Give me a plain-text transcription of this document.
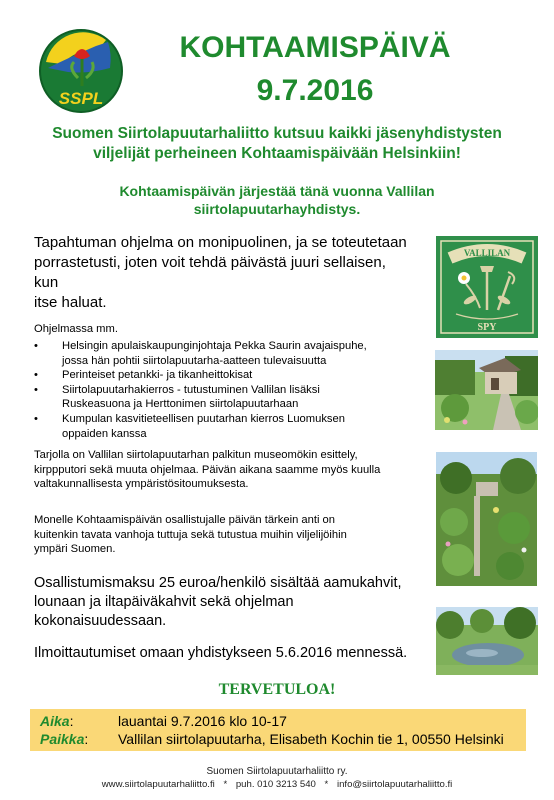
SSPL
KOHTAAMISPÄIVÄ
9.7.2016
Suomen Siirtolapuutarhaliitto kutsuu kaikki jäsenyhdistysten
viljelijät perheineen Kohtaamispäivään Helsinkiin!
Kohtaamispäivän järjestää tänä vuonna Vallilan
siirtolapuutarhayhdistys.
Tapahtuman ohjelma on monipuolinen, ja se toteutetaan
porrastetusti, joten voit tehdä päivästä juuri sellaisen, kun
itse haluat.
Ohjelmassa mm.
• Helsingin apulaiskaupunginjohtaja Pekka Saurin avajaispuhe,
jossa hän pohtii siirtolapuutarha-aatteen tulevaisuutta
• Perinteiset petankki- ja tikanheittokisat
• Siirtolapuutarhakierros - tutustuminen Vallilan lisäksi
Ruskeasuona ja Herttonimen siirtolapuutarhaan
• Kumpulan kasvitieteellisen puutarhan kierros Luomuksen
oppaiden kanssa
Tarjolla on Vallilan siirtolapuutarhan palkitun museomökin esittely,
kirppputori sekä muuta ohjelmaa. Päivän aikana saamme myös kuulla
valtakunnallisesta ympäristösitoumuksesta.
Monelle Kohtaamispäivän osallistujalle päivän tärkein anti on
kuitenkin tavata vanhoja tuttuja sekä tutustua muihin viljelijöihin
ympäri Suomen.
Osallistumismaksu 25 euroa/henkilö sisältää aamukahvit,
lounaan ja iltapäiväkahvit sekä ohjelman
kokonaisuudessaan.
Ilmoittautumiset omaan yhdistykseen 5.6.2016 mennessä.
TERVETULOA!
Aika:	lauantai 9.7.2016 klo 10-17
Paikka: Vallilan siirtolapuutarha, Elisabeth Kochin tie 1, 00550 Helsinki
Suomen Siirtolapuutarhaliitto ry.
www.siirtolapuutarhaliitto.fi * puh. 010 3213 540 * info@siirtolapuutarhaliitto.fi
VALLILAN
SPY
